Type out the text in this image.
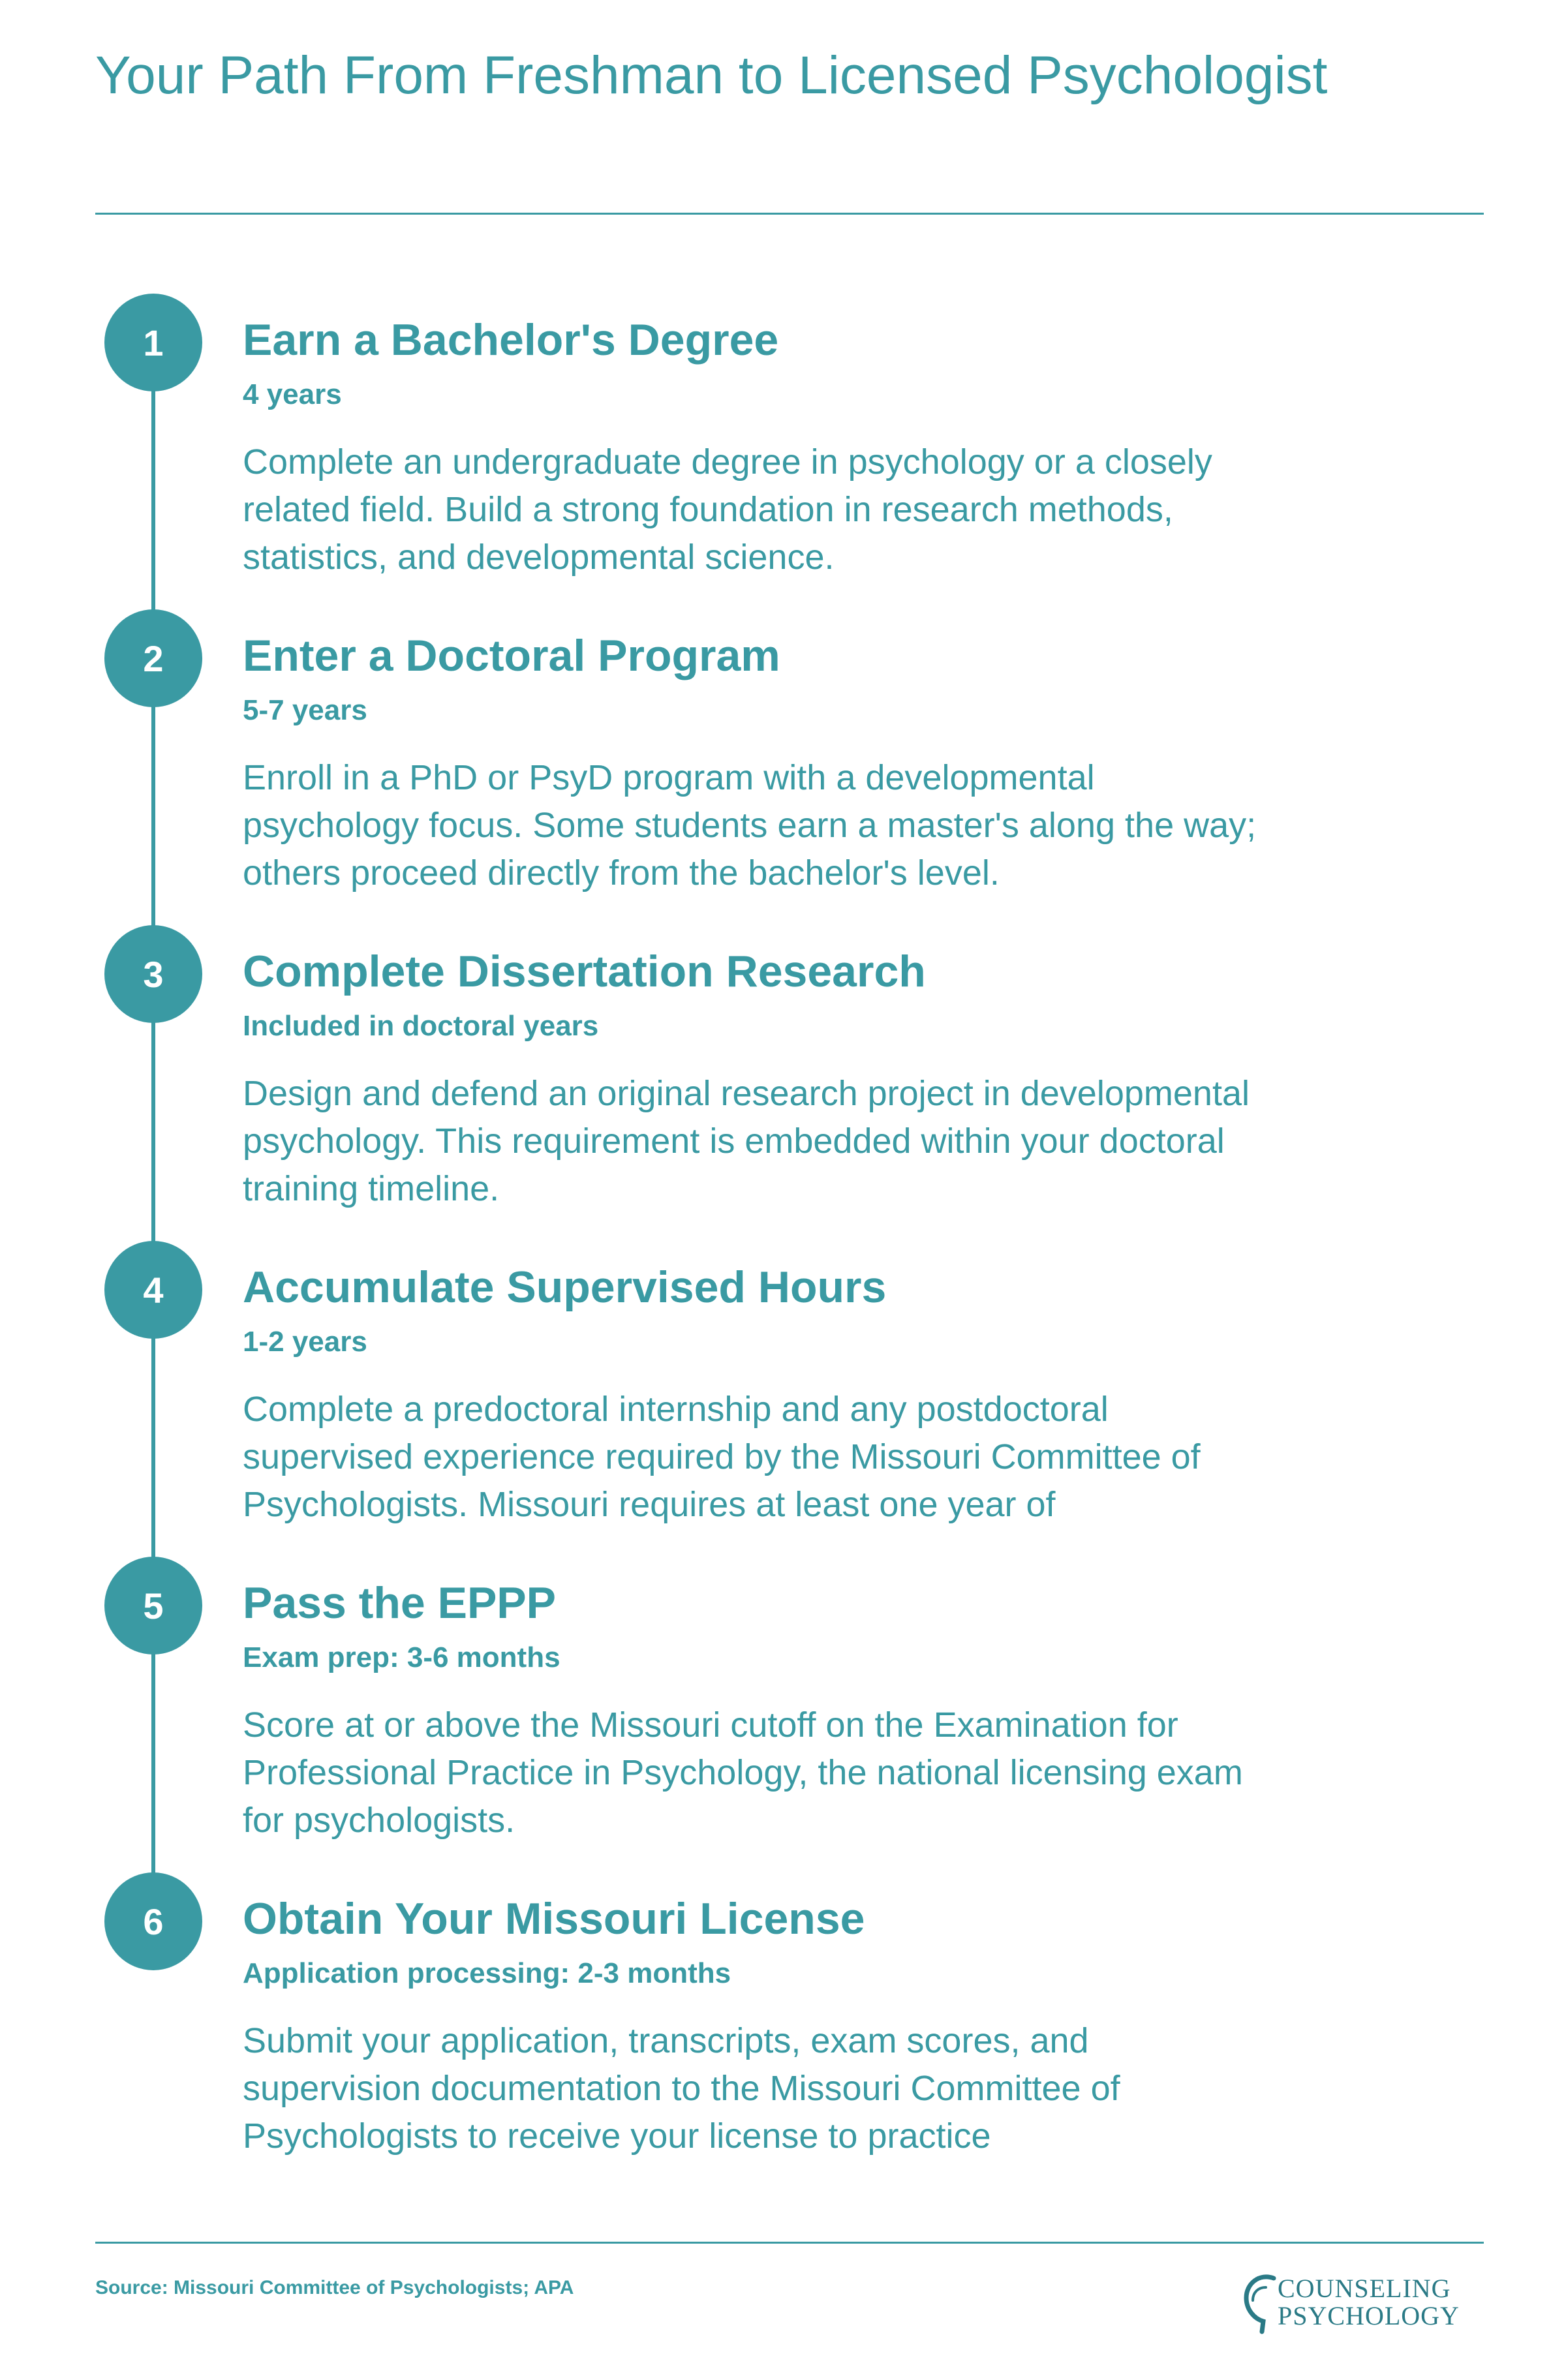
Your Path From Freshman to Licensed Psychologist
1	Earn a Bachelor's Degree
4 years

Complete an undergraduate degree in psychology or a closely related field. Build a strong foundation in research methods, statistics, and developmental science.

2	Enter a Doctoral Program
5-7 years

Enroll in a PhD or PsyD program with a developmental psychology focus. Some students earn a master's along the way; others proceed directly from the bachelor's level.

3	Complete Dissertation Research
Included in doctoral years

Design and defend an original research project in developmental psychology. This requirement is embedded within your doctoral training timeline.

4	Accumulate Supervised Hours
1-2 years

Complete a predoctoral internship and any postdoctoral supervised experience required by the Missouri Committee of Psychologists. Missouri requires at least one year of

5	Pass the EPPP
Exam prep: 3-6 months

Score at or above the Missouri cutoff on the Examination for Professional Practice in Psychology, the national licensing exam for psychologists.

6	Obtain Your Missouri License
Application processing: 2-3 months

Submit your application, transcripts, exam scores, and supervision documentation to the Missouri Committee of Psychologists to receive your license to practice

Source: Missouri Committee of Psychologists; APA	COUNSELING
PSYCHOLOGY
